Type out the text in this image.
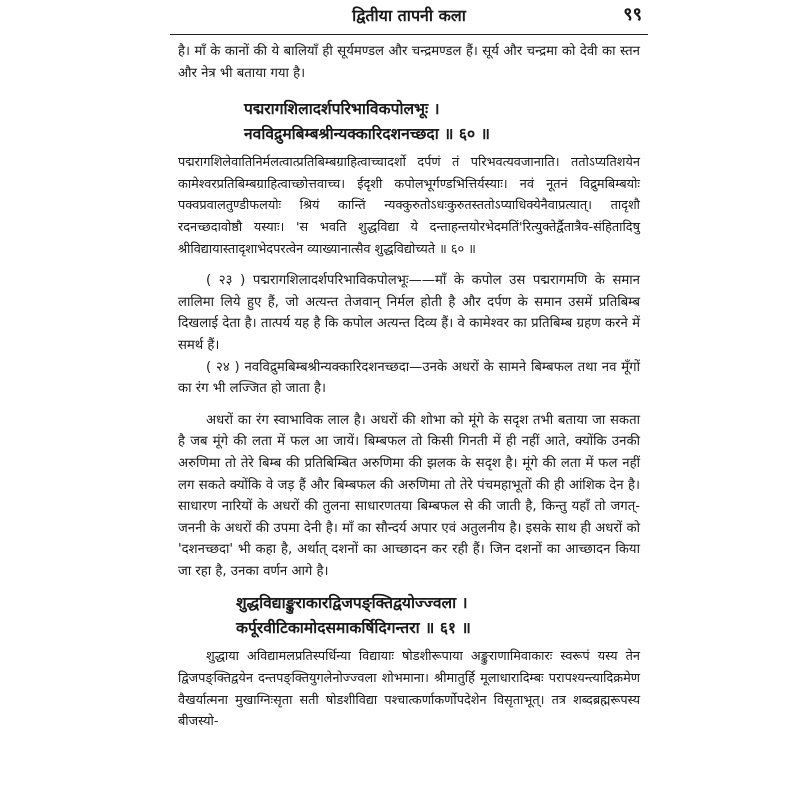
द्वितीया तापनी कला	९९

है। माँ के कानों की ये बालियाँ ही सूर्यमण्डल और चन्द्रमण्डल हैं। सूर्य और चन्द्रमा को देवी का स्तन और नेत्र भी बताया गया है।

पद्मरागशिलादर्शपरिभाविकपोलभूः ।
नवविद्रुमबिम्बश्रीन्यक्कारिदशनच्छदा ॥ ६० ॥

पद्मरागशिलेवातिनिर्मलत्वात्प्रतिबिम्बग्राहित्वाच्चादर्शो दर्पणं तं परिभवत्यवजानाति। ततोऽप्यतिशयेन कामेश्वरप्रतिबिम्बग्राहित्वाच्छोत्तवाच्च। ईदृशी कपोलभूर्गण्डभित्तिर्यस्याः। नवं नूतनं विद्रुमबिम्बयोः पक्वप्रवालतुण्डीफलयोः श्रियं कान्तिं न्यक्कुरुतोऽधःकुरुतस्ततोऽप्याधिक्येनैवाप्रत्यात्। तादृशौ रदनच्छदावोष्ठौ यस्याः। 'स भवति शुद्धविद्या ये दन्ताहन्तयोरभेदमतिं'रित्युक्तेर्द्वैतात्रैव-संहितादिषु श्रीविद्यायास्तादृशाभेदपरत्वेन व्याख्यानात्सैव शुद्धविद्योच्यते ॥ ६० ॥

( २३ ) पद्मरागशिलादर्शपरिभाविकपोलभूः——माँ के कपोल उस पद्मरागमणि के समान लालिमा लिये हुए हैं, जो अत्यन्त तेजवान् निर्मल होती है और दर्पण के समान उसमें प्रतिबिम्ब दिखलाई देता है। तात्पर्य यह है कि कपोल अत्यन्त दिव्य हैं। वे कामेश्वर का प्रतिबिम्ब ग्रहण करने में समर्थ हैं।

( २४ ) नवविद्रुमबिम्बश्रीन्यक्कारिदशनच्छदा—उनके अधरों के सामने बिम्बफल तथा नव मूँगों का रंग भी लज्जित हो जाता है।

अधरों का रंग स्वाभाविक लाल है। अधरों की शोभा को मूंगे के सदृश तभी बताया जा सकता है जब मूंगे की लता में फल आ जायें। बिम्बफल तो किसी गिनती में ही नहीं आते, क्योंकि उनकी अरुणिमा तो तेरे बिम्ब की प्रतिबिम्बित अरुणिमा की झलक के सदृश है। मूंगे की लता में फल नहीं लग सकते क्योंकि वे जड़ हैं और बिम्बफल की अरुणिमा तो तेरे पंचमहाभूतों की ही आंशिक देन है। साधारण नारियों के अधरों की तुलना साधारणतया बिम्बफल से की जाती है, किन्तु यहाँ तो जगत्-जननी के अधरों की उपमा देनी है। माँ का सौन्दर्य अपार एवं अतुलनीय है। इसके साथ ही अधरों को 'दशनच्छदा' भी कहा है, अर्थात् दशनों का आच्छादन कर रही हैं। जिन दशनों का आच्छादन किया जा रहा है, उनका वर्णन आगे है।

शुद्धविद्याङ्कुराकारद्विजपङ्क्तिद्वयोज्ज्वला ।
कर्पूरवीटिकामोदसमाकर्षिदिगन्तरा ॥ ६१ ॥

शुद्धाया अविद्यामलप्रतिस्पर्धिन्या विद्यायाः षोडशीरूपाया अङ्कुराणामिवाकारः स्वरूपं यस्य तेन द्विजपङ्क्तिद्वयेन दन्तपङ्क्तियुगलेनोज्ज्वला शोभमाना। श्रीमातुर्हि मूलाधारादिम्बः परापश्यन्त्यादिक्रमेण वैखर्यात्मना मुखाग्निःसृता सती षोडशीविद्या पश्चात्कर्णाकर्णोपदेशेन विसृताभूत्। तत्र शब्दब्रह्मरूपस्य बीजस्यो-
